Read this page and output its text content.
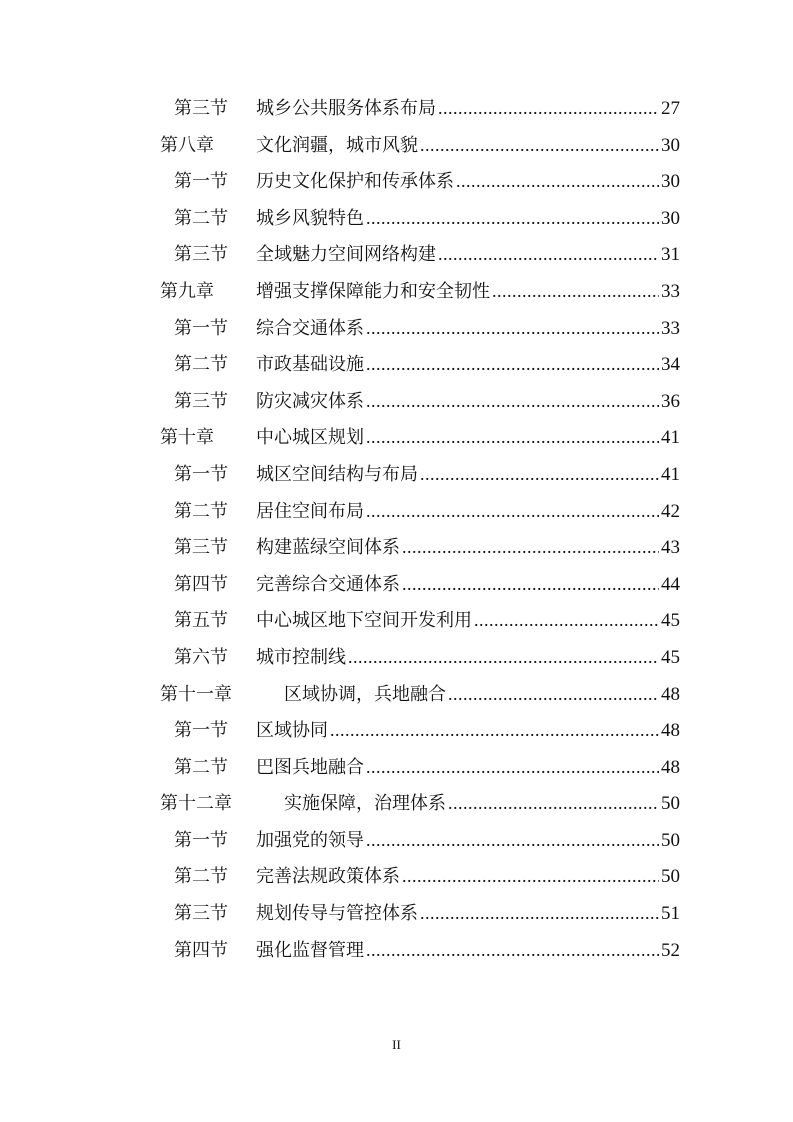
第三节	城乡公共服务体系布局 .....	27
第八章	文化润疆，城市风貌 .....	30
第一节	历史文化保护和传承体系 .....	30
第二节	城乡风貌特色 .....	30
第三节	全域魅力空间网络构建 .....	31
第九章	增强支撑保障能力和安全韧性 .....	33
第一节	综合交通体系 .....	33
第二节	市政基础设施 .....	34
第三节	防灾减灾体系 .....	36
第十章	中心城区规划 .....	41
第一节	城区空间结构与布局 .....	41
第二节	居住空间布局 .....	42
第三节	构建蓝绿空间体系 .....	43
第四节	完善综合交通体系 .....	44
第五节	中心城区地下空间开发利用 .....	45
第六节	城市控制线 .....	45
第十一章	区域协调，兵地融合 .....	48
第一节	区域协同 .....	48
第二节	巴图兵地融合 .....	48
第十二章	实施保障，治理体系 .....	50
第一节	加强党的领导 .....	50
第二节	完善法规政策体系 .....	50
第三节	规划传导与管控体系 .....	51
第四节	强化监督管理 .....	52
II
